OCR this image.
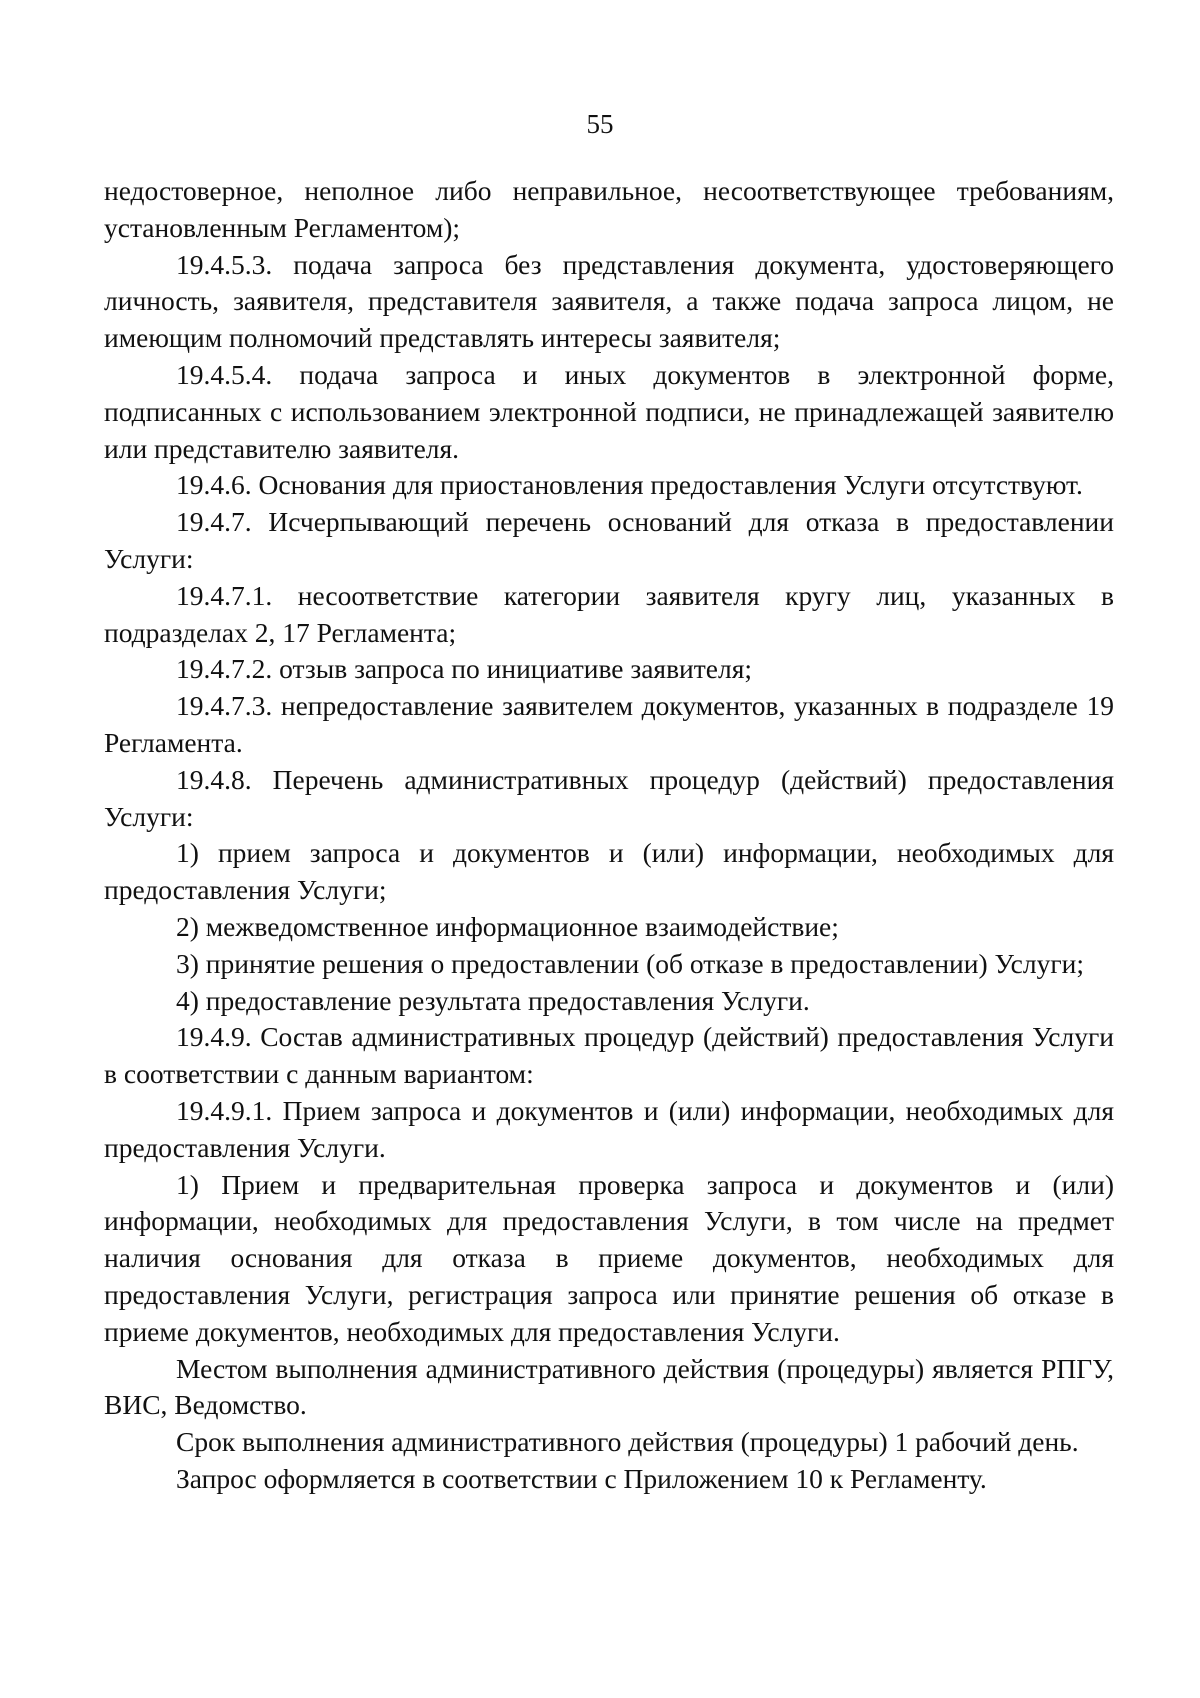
55

недостоверное, неполное либо неправильное, несоответствующее требованиям, установленным Регламентом);

19.4.5.3. подача запроса без представления документа, удостоверяющего личность, заявителя, представителя заявителя, а также подача запроса лицом, не имеющим полномочий представлять интересы заявителя;

19.4.5.4. подача запроса и иных документов в электронной форме, подписанных с использованием электронной подписи, не принадлежащей заявителю или представителю заявителя.

19.4.6. Основания для приостановления предоставления Услуги отсутствуют.

19.4.7. Исчерпывающий перечень оснований для отказа в предоставлении Услуги:

19.4.7.1. несоответствие категории заявителя кругу лиц, указанных в подразделах 2, 17 Регламента;

19.4.7.2. отзыв запроса по инициативе заявителя;

19.4.7.3. непредоставление заявителем документов, указанных в подразделе 19 Регламента.

19.4.8. Перечень административных процедур (действий) предоставления Услуги:

1) прием запроса и документов и (или) информации, необходимых для предоставления Услуги;

2) межведомственное информационное взаимодействие;

3) принятие решения о предоставлении (об отказе в предоставлении) Услуги;

4) предоставление результата предоставления Услуги.

19.4.9. Состав административных процедур (действий) предоставления Услуги в соответствии с данным вариантом:

19.4.9.1. Прием запроса и документов и (или) информации, необходимых для предоставления Услуги.

1) Прием и предварительная проверка запроса и документов и (или) информации, необходимых для предоставления Услуги, в том числе на предмет наличия основания для отказа в приеме документов, необходимых для предоставления Услуги, регистрация запроса или принятие решения об отказе в приеме документов, необходимых для предоставления Услуги.

Местом выполнения административного действия (процедуры) является РПГУ, ВИС, Ведомство.

Срок выполнения административного действия (процедуры) 1 рабочий день.

Запрос оформляется в соответствии с Приложением 10 к Регламенту.
